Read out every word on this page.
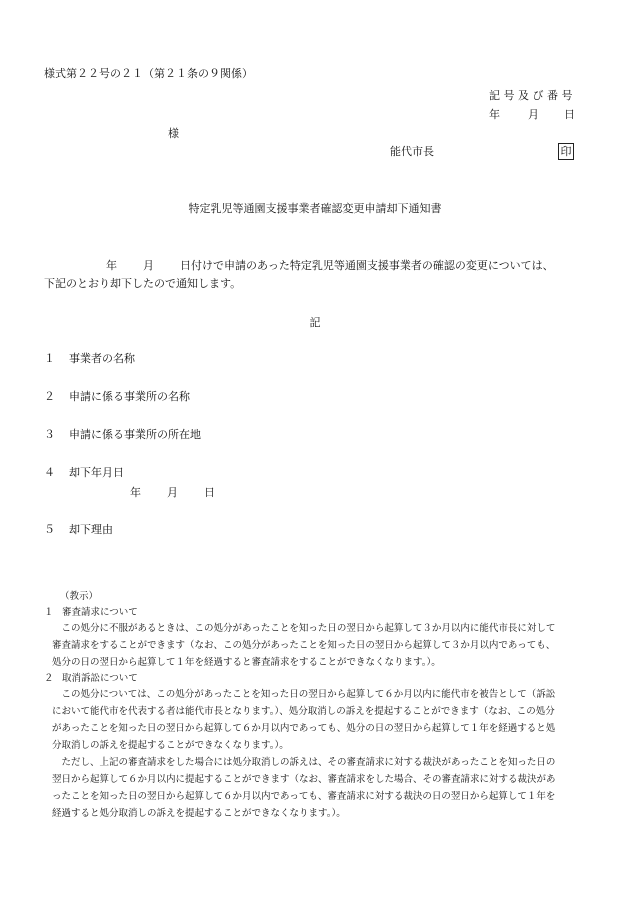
様式第２２号の２１（第２１条の９関係）
記 号 及 び 番 号
年	月 日
様
能代市長	印
特定乳児等通園支援事業者確認変更申請却下通知書
年 月 日付けで申請のあった特定乳児等通園支援事業者の確認の変更については、
下記のとおり却下したので通知します。
記
１ 事業者の名称
２ 申請に係る事業所の名称
３ 申請に係る事業所の所在地
４ 却下年月日
年 月 日
５ 却下理由
（教示）
１ 審査請求について
　この処分に不服があるときは、この処分があったことを知った日の翌日から起算して３か月以内に能代市長に対して
審査請求をすることができます（なお、この処分があったことを知った日の翌日から起算して３か月以内であっても、
処分の日の翌日から起算して１年を経過すると審査請求をすることができなくなります。）。
２ 取消訴訟について
　この処分については、この処分があったことを知った日の翌日から起算して６か月以内に能代市を被告として（訴訟
において能代市を代表する者は能代市長となります。）、処分取消しの訴えを提起することができます（なお、この処分
があったことを知った日の翌日から起算して６か月以内であっても、処分の日の翌日から起算して１年を経過すると処
分取消しの訴えを提起することができなくなります。）。
　ただし、上記の審査請求をした場合には処分取消しの訴えは、その審査請求に対する裁決があったことを知った日の
翌日から起算して６か月以内に提起することができます（なお、審査請求をした場合、その審査請求に対する裁決があ
ったことを知った日の翌日から起算して６か月以内であっても、審査請求に対する裁決の日の翌日から起算して１年を
経過すると処分取消しの訴えを提起することができなくなります。）。
